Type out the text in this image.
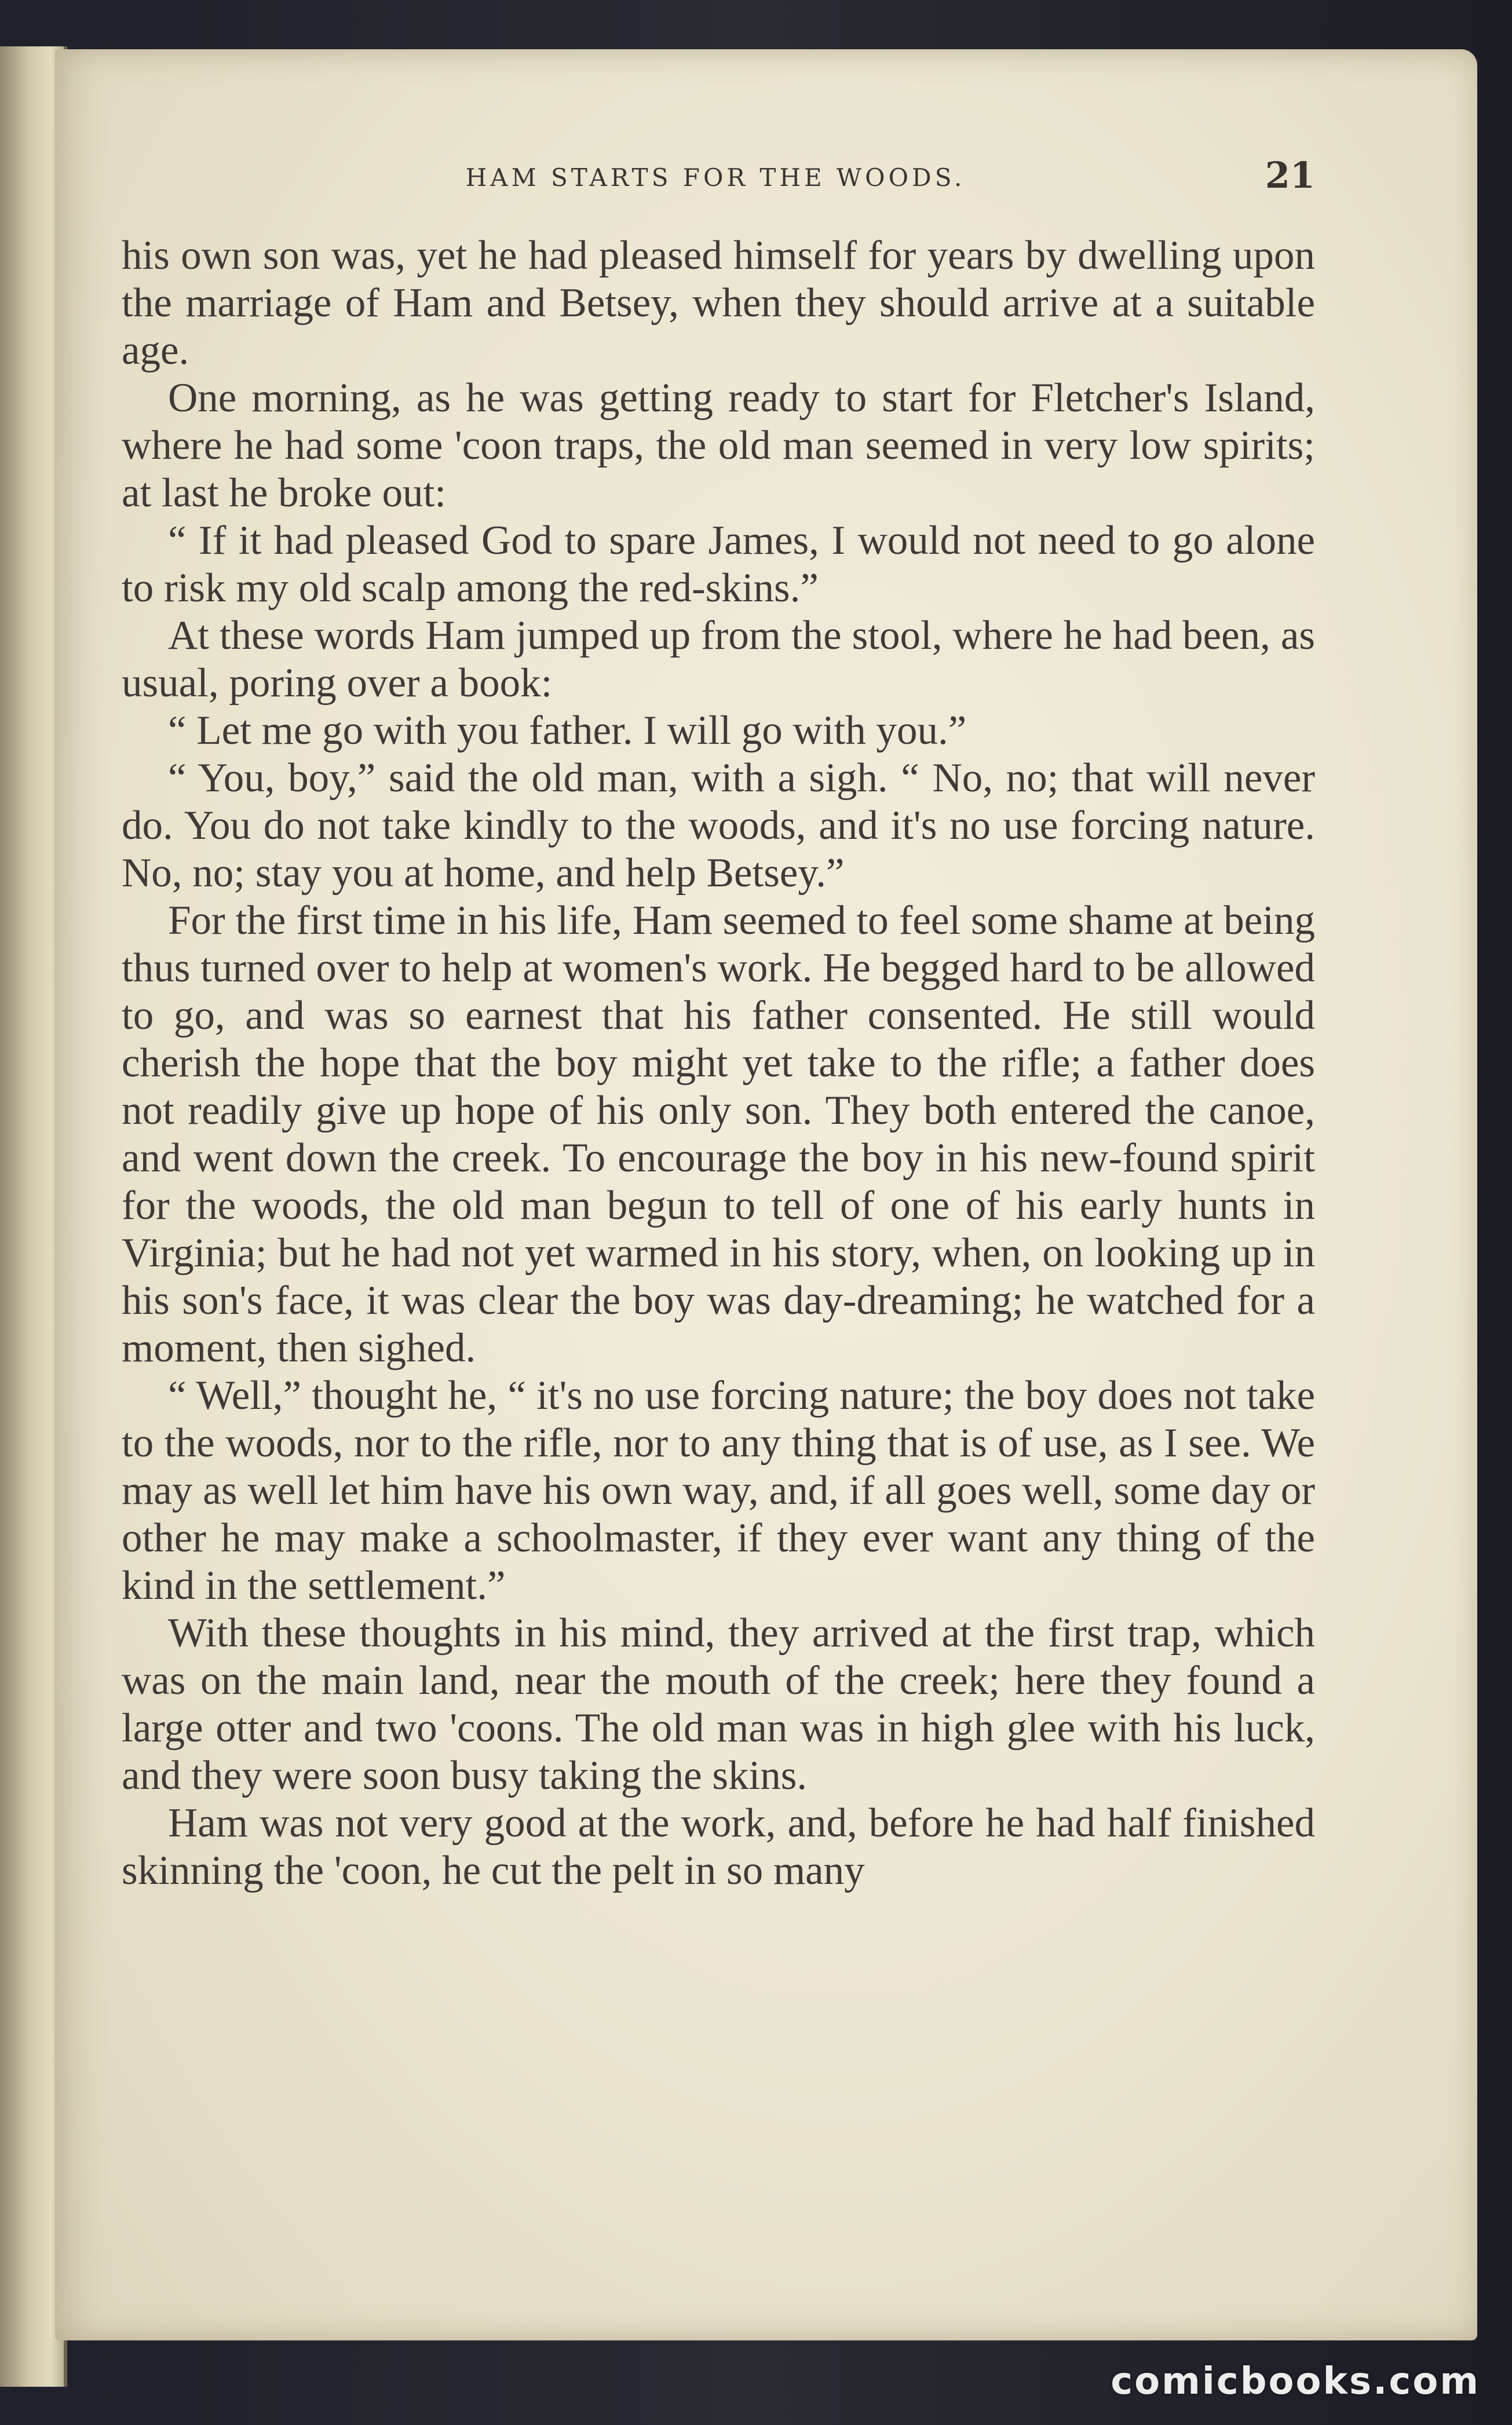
HAM STARTS FOR THE WOODS.	21

his own son was, yet he had pleased himself for years by dwelling upon the marriage of Ham and Betsey, when they should arrive at a suitable age.

One morning, as he was getting ready to start for Fletcher's Island, where he had some 'coon traps, the old man seemed in very low spirits; at last he broke out:

“ If it had pleased God to spare James, I would not need to go alone to risk my old scalp among the red-skins.”

At these words Ham jumped up from the stool, where he had been, as usual, poring over a book:

“ Let me go with you father. I will go with you.”

“ You, boy,” said the old man, with a sigh. “ No, no; that will never do. You do not take kindly to the woods, and it's no use forcing nature. No, no; stay you at home, and help Betsey.”

For the first time in his life, Ham seemed to feel some shame at being thus turned over to help at women's work. He begged hard to be allowed to go, and was so earnest that his father consented. He still would cherish the hope that the boy might yet take to the rifle; a father does not readily give up hope of his only son. They both entered the canoe, and went down the creek. To encourage the boy in his new-found spirit for the woods, the old man begun to tell of one of his early hunts in Virginia; but he had not yet warmed in his story, when, on looking up in his son's face, it was clear the boy was day-dreaming; he watched for a moment, then sighed.

“ Well,” thought he, “ it's no use forcing nature; the boy does not take to the woods, nor to the rifle, nor to any thing that is of use, as I see. We may as well let him have his own way, and, if all goes well, some day or other he may make a schoolmaster, if they ever want any thing of the kind in the settlement.”

With these thoughts in his mind, they arrived at the first trap, which was on the main land, near the mouth of the creek; here they found a large otter and two 'coons. The old man was in high glee with his luck, and they were soon busy taking the skins.

Ham was not very good at the work, and, before he had half finished skinning the 'coon, he cut the pelt in so many

comicbooks.com
